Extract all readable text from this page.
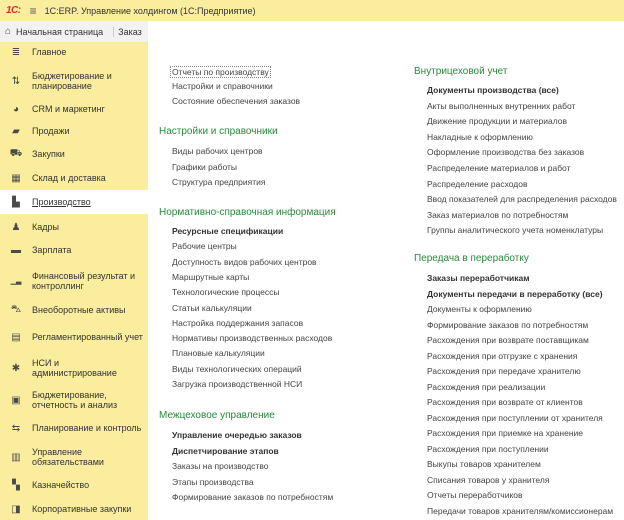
1С: ≡ 1C:ERP. Управление холдингом (1С:Предприятие)
⌂ Начальная страница	Заказ
≣ Главное
⇅ Бюджетирование и планирование
◕	CRM и маркетинг
▰ Продажи
⛟ Закупки
▦ Склад и доставка
▙ Производство
♟ Кадры
▬ Зарплата
▁▃
Финансовый результат и контроллинг
⛍ Внеоборотные активы
▤ Регламентированный учет
✱ НСИ и администрирование
▣ Бюджетирование, отчетность и анализ
⇆ Планирование и контроль
▥ Управление обязательствами
▚ Казначейство
◨ Корпоративные закупки
Отчеты по производству
Настройки и справочники
Состояние обеспечения заказов
Настройки и справочники
Виды рабочих центров
Графики работы
Структура предприятия
Нормативно-справочная информация
Ресурсные спецификации
Рабочие центры
Доступность видов рабочих центров
Маршрутные карты
Технологические процессы
Статьи калькуляции
Настройка поддержания запасов
Нормативы производственных расходов
Плановые калькуляции
Виды технологических операций
Загрузка производственной НСИ
Межцеховое управление
Управление очередью заказов
Диспетчирование этапов
Заказы на производство
Этапы производства
Формирование заказов по потребностям
Внутрицеховой учет
Документы производства (все)
Акты выполненных внутренних работ
Движение продукции и материалов
Накладные к оформлению
Оформление производства без заказов
Распределение материалов и работ
Распределение расходов
Ввод показателей для распределения расходов
Заказ материалов по потребностям
Группы аналитического учета номенклатуры
Передача в переработку
Заказы переработчикам
Документы передачи в переработку (все)
Документы к оформлению
Формирование заказов по потребностям
Расхождения при возврате поставщикам
Расхождения при отгрузке с хранения
Расхождения при передаче хранителю
Расхождения при реализации
Расхождения при возврате от клиентов
Расхождения при поступлении от хранителя
Расхождения при приемке на хранение
Расхождения при поступлении
Выкупы товаров хранителем
Списания товаров у хранителя
Отчеты переработчиков
Передачи товаров хранителям/комиссионерам
